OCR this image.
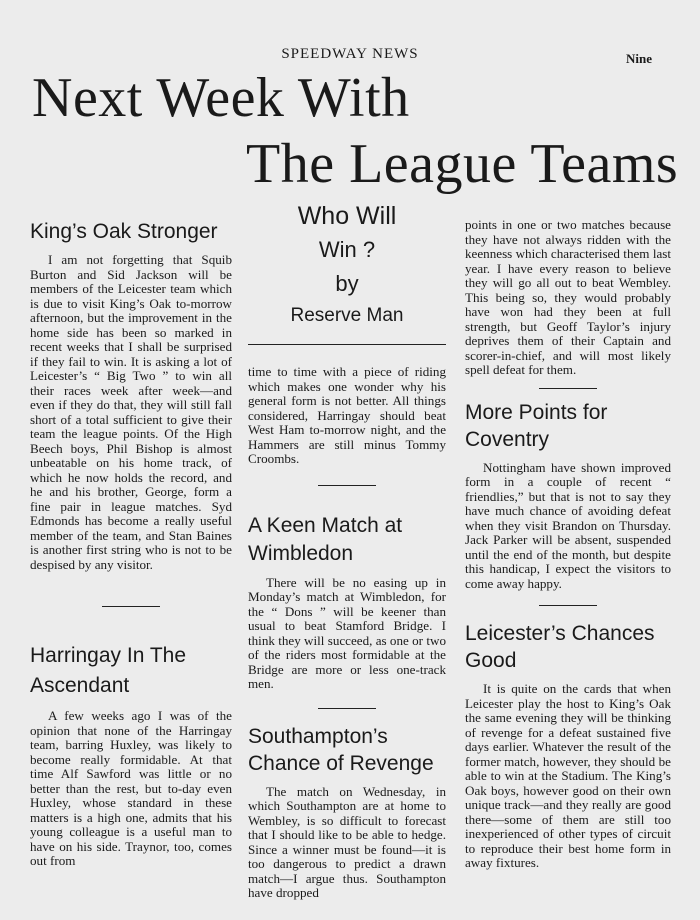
SPEEDWAY NEWS	Nine
Next Week With
The League Teams
King’s Oak Stronger

I am not forgetting that Squib Burton and Sid Jackson will be members of the Leicester team which is due to visit King’s Oak to-morrow afternoon, but the improvement in the home side has been so marked in recent weeks that I shall be surprised if they fail to win. It is asking a lot of Leicester’s “ Big Two ” to win all their races week after week—and even if they do that, they will still fall short of a total sufficient to give their team the league points. Of the High Beech boys, Phil Bishop is almost unbeatable on his home track, of which he now holds the record, and he and his brother, George, form a fine pair in league matches. Syd Edmonds has become a really useful member of the team, and Stan Baines is another first string who is not to be despised by any visitor.

Harringay In The Ascendant

A few weeks ago I was of the opinion that none of the Harringay team, barring Huxley, was likely to become really formidable. At that time Alf Sawford was little or no better than the rest, but to-day even Huxley, whose standard in these matters is a high one, admits that his young colleague is a useful man to have on his side. Traynor, too, comes out from

Who Will
Win ?
by
Reserve Man

time to time with a piece of riding which makes one wonder why his general form is not better. All things considered, Harringay should beat West Ham to-morrow night, and the Hammers are still minus Tommy Croombs.

A Keen Match at Wimbledon

There will be no easing up in Monday’s match at Wimbledon, for the “ Dons ” will be keener than usual to beat Stamford Bridge. I think they will succeed, as one or two of the riders most formidable at the Bridge are more or less one-track men.

Southampton’s Chance of Revenge

The match on Wednesday, in which Southampton are at home to Wembley, is so difficult to forecast that I should like to be able to hedge. Since a winner must be found—it is too dangerous to predict a drawn match—I argue thus. Southampton have dropped

points in one or two matches because they have not always ridden with the keenness which characterised them last year. I have every reason to believe they will go all out to beat Wembley. This being so, they would probably have won had they been at full strength, but Geoff Taylor’s injury deprives them of their Captain and scorer-in-chief, and will most likely spell defeat for them.

More Points for Coventry

Nottingham have shown improved form in a couple of recent “ friendlies,” but that is not to say they have much chance of avoiding defeat when they visit Brandon on Thursday. Jack Parker will be absent, suspended until the end of the month, but despite this handicap, I expect the visitors to come away happy.

Leicester’s Chances Good

It is quite on the cards that when Leicester play the host to King’s Oak the same evening they will be thinking of revenge for a defeat sustained five days earlier. Whatever the result of the former match, however, they should be able to win at the Stadium. The King’s Oak boys, however good on their own unique track—and they really are good there—some of them are still too inexperienced of other types of circuit to reproduce their best home form in away fixtures.
